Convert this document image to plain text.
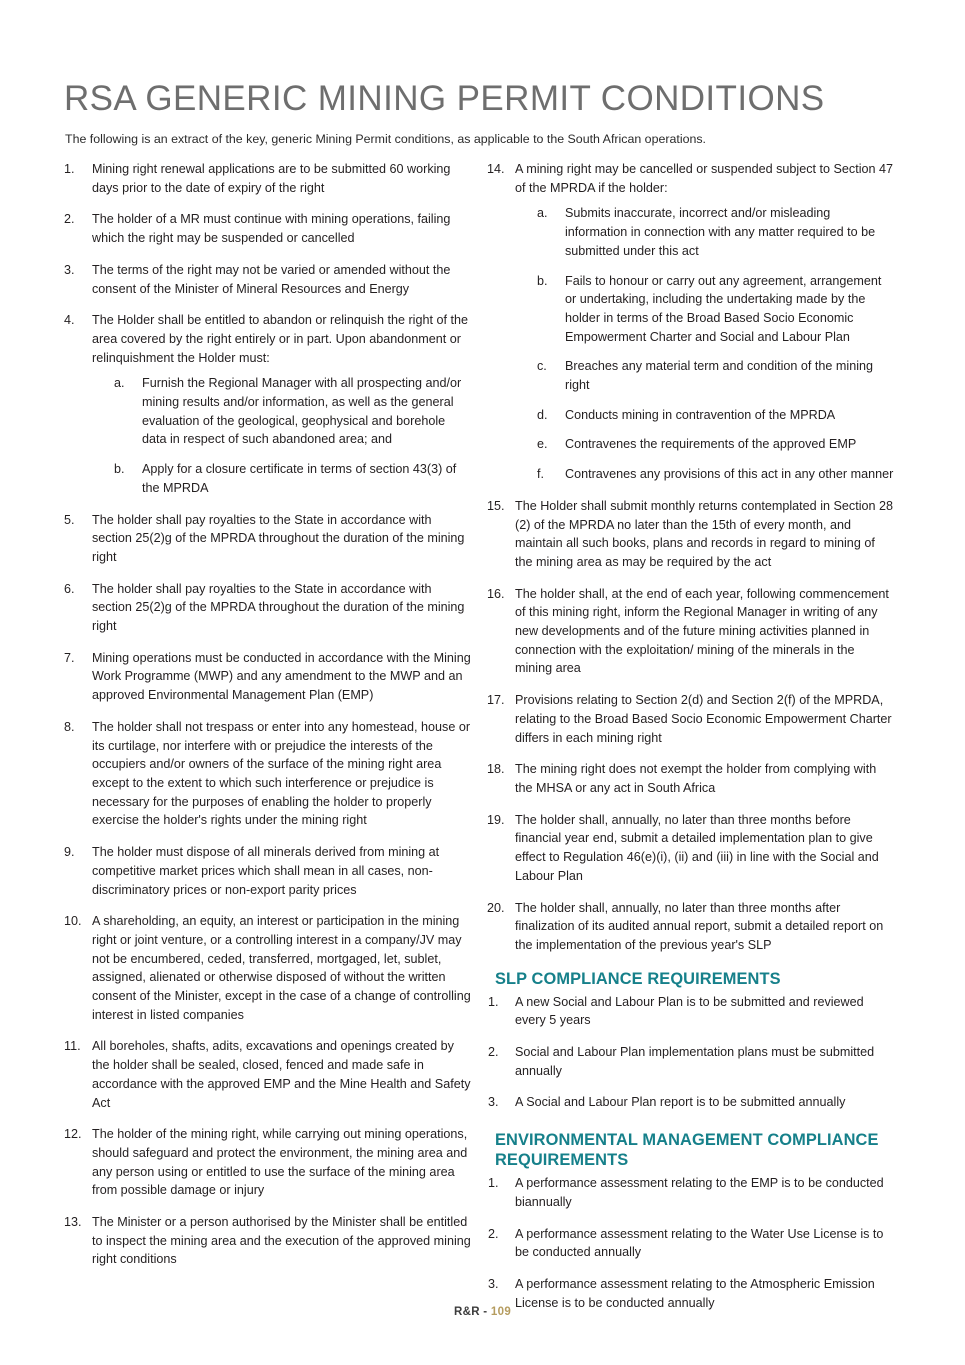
RSA GENERIC MINING PERMIT CONDITIONS
The following is an extract of the key, generic Mining Permit conditions, as applicable to the South African operations.
1.	Mining right renewal applications are to be submitted 60 working days prior to the date of expiry of the right
2.	The holder of a MR must continue with mining operations, failing which the right may be suspended or cancelled
3.	The terms of the right may not be varied or amended without the consent of the Minister of Mineral Resources and Energy
4.	The Holder shall be entitled to abandon or relinquish the right of the area covered by the right entirely or in part. Upon abandonment or relinquishment the Holder must:
a.	Furnish the Regional Manager with all prospecting and/or mining results and/or information, as well as the general evaluation of the geological, geophysical and borehole data in respect of such abandoned area; and
b.	Apply for a closure certificate in terms of section 43(3) of the MPRDA
5.	The holder shall pay royalties to the State in accordance with section 25(2)g of the MPRDA throughout the duration of the mining right
6.	The holder shall pay royalties to the State in accordance with section 25(2)g of the MPRDA throughout the duration of the mining right
7.	Mining operations must be conducted in accordance with the Mining Work Programme (MWP) and any amendment to the MWP and an approved Environmental Management Plan (EMP)
8.	The holder shall not trespass or enter into any homestead, house or its curtilage, nor interfere with or prejudice the interests of the occupiers and/or owners of the surface of the mining right area except to the extent to which such interference or prejudice is necessary for the purposes of enabling the holder to properly exercise the holder's rights under the mining right
9.	The holder must dispose of all minerals derived from mining at competitive market prices which shall mean in all cases, non-discriminatory prices or non-export parity prices
10. A shareholding, an equity, an interest or participation in the mining right or joint venture, or a controlling interest in a company/JV may not be encumbered, ceded, transferred, mortgaged, let, sublet, assigned, alienated or otherwise disposed of without the written consent of the Minister, except in the case of a change of controlling interest in listed companies
11. All boreholes, shafts, adits, excavations and openings created by the holder shall be sealed, closed, fenced and made safe in accordance with the approved EMP and the Mine Health and Safety Act
12. The holder of the mining right, while carrying out mining operations, should safeguard and protect the environment, the mining area and any person using or entitled to use the surface of the mining area from possible damage or injury
13. The Minister or a person authorised by the Minister shall be entitled to inspect the mining area and the execution of the approved mining right conditions
14. A mining right may be cancelled or suspended subject to Section 47 of the MPRDA if the holder:
a.	Submits inaccurate, incorrect and/or misleading information in connection with any matter required to be submitted under this act
b.	Fails to honour or carry out any agreement, arrangement or undertaking, including the undertaking made by the holder in terms of the Broad Based Socio Economic Empowerment Charter and Social and Labour Plan
c.	Breaches any material term and condition of the mining right
d.	Conducts mining in contravention of the MPRDA
e.	Contravenes the requirements of the approved EMP
f.	Contravenes any provisions of this act in any other manner
15. The Holder shall submit monthly returns contemplated in Section 28 (2) of the MPRDA no later than the 15th of every month, and maintain all such books, plans and records in regard to mining of the mining area as may be required by the act
16. The holder shall, at the end of each year, following commencement of this mining right, inform the Regional Manager in writing of any new developments and of the future mining activities planned in connection with the exploitation/ mining of the minerals in the mining area
17. Provisions relating to Section 2(d) and Section 2(f) of the MPRDA, relating to the Broad Based Socio Economic Empowerment Charter differs in each mining right
18. The mining right does not exempt the holder from complying with the MHSA or any act in South Africa
19. The holder shall, annually, no later than three months before financial year end, submit a detailed implementation plan to give effect to Regulation 46(e)(i), (ii) and (iii) in line with the Social and Labour Plan
20. The holder shall, annually, no later than three months after finalization of its audited annual report, submit a detailed report on the implementation of the previous year's SLP
SLP COMPLIANCE REQUIREMENTS
1.	A new Social and Labour Plan is to be submitted and reviewed every 5 years
2.	Social and Labour Plan implementation plans must be submitted annually
3.	A Social and Labour Plan report is to be submitted annually
ENVIRONMENTAL MANAGEMENT COMPLIANCE REQUIREMENTS
1.	A performance assessment relating to the EMP is to be conducted biannually
2.	A performance assessment relating to the Water Use License is to be conducted annually
3.	A performance assessment relating to the Atmospheric Emission License is to be conducted annually
R&R - 109
